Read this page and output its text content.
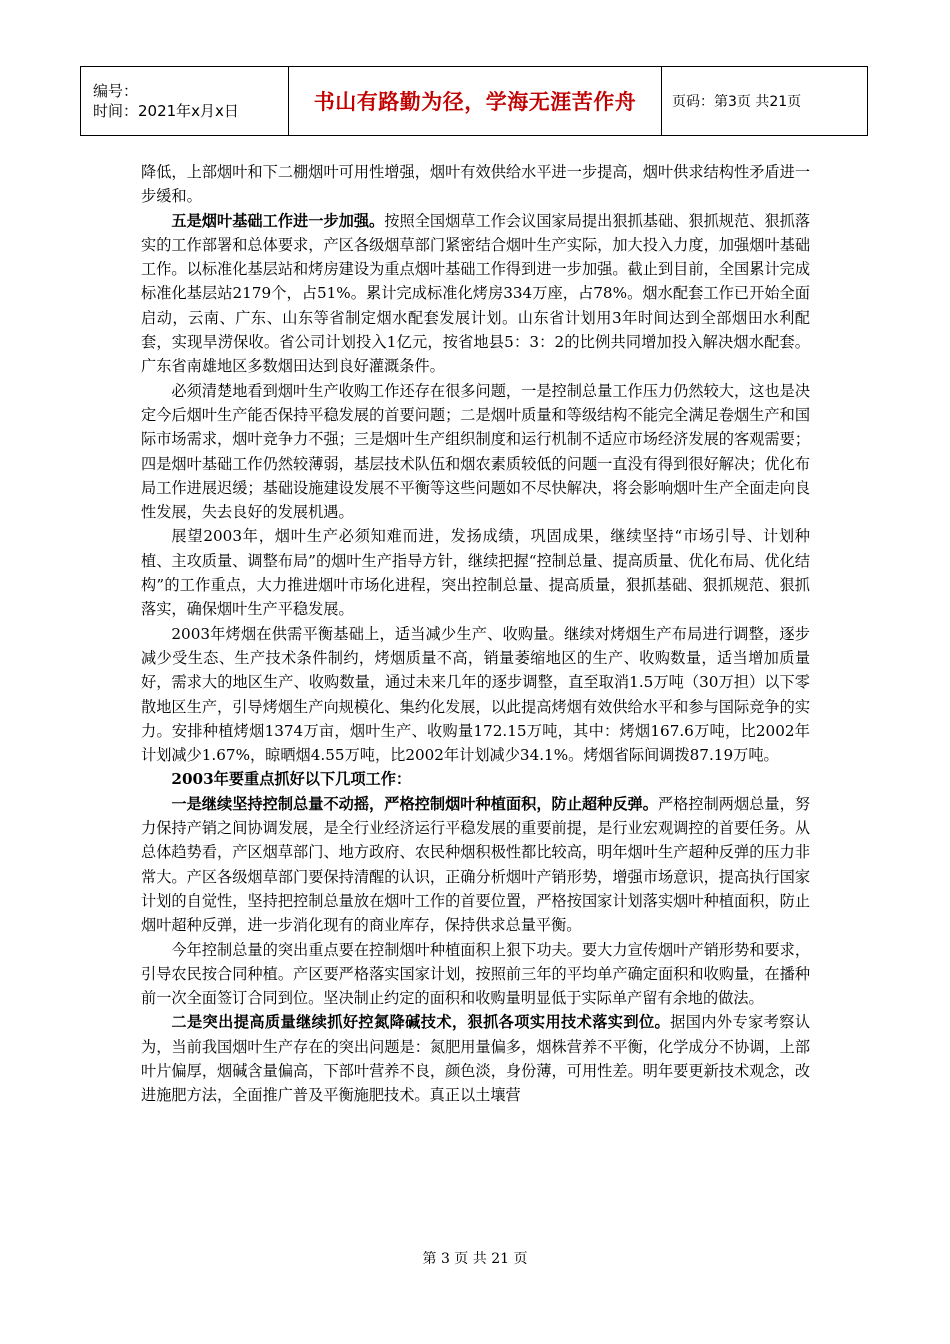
编号：
时间：2021年x月x日	书山有路勤为径，学海无涯苦作舟	页码：第3页 共21页

降低，上部烟叶和下二棚烟叶可用性增强，烟叶有效供给水平进一步提高，烟叶供求结构性矛盾进一步缓和。

五是烟叶基础工作进一步加强。按照全国烟草工作会议国家局提出狠抓基础、狠抓规范、狠抓落实的工作部署和总体要求，产区各级烟草部门紧密结合烟叶生产实际，加大投入力度，加强烟叶基础工作。以标准化基层站和烤房建设为重点烟叶基础工作得到进一步加强。截止到目前，全国累计完成标准化基层站2179个，占51%。累计完成标准化烤房334万座，占78%。烟水配套工作已开始全面启动，云南、广东、山东等省制定烟水配套发展计划。山东省计划用3年时间达到全部烟田水利配套，实现旱涝保收。省公司计划投入1亿元，按省地县5：3：2的比例共同增加投入解决烟水配套。广东省南雄地区多数烟田达到良好灌溉条件。

必须清楚地看到烟叶生产收购工作还存在很多问题，一是控制总量工作压力仍然较大，这也是决定今后烟叶生产能否保持平稳发展的首要问题；二是烟叶质量和等级结构不能完全满足卷烟生产和国际市场需求，烟叶竞争力不强；三是烟叶生产组织制度和运行机制不适应市场经济发展的客观需要；四是烟叶基础工作仍然较薄弱，基层技术队伍和烟农素质较低的问题一直没有得到很好解决；优化布局工作进展迟缓；基础设施建设发展不平衡等这些问题如不尽快解决，将会影响烟叶生产全面走向良性发展，失去良好的发展机遇。

展望2003年，烟叶生产必须知难而进，发扬成绩，巩固成果，继续坚持“市场引导、计划种植、主攻质量、调整布局”的烟叶生产指导方针，继续把握“控制总量、提高质量、优化布局、优化结构”的工作重点，大力推进烟叶市场化进程，突出控制总量、提高质量，狠抓基础、狠抓规范、狠抓落实，确保烟叶生产平稳发展。

2003年烤烟在供需平衡基础上，适当减少生产、收购量。继续对烤烟生产布局进行调整，逐步减少受生态、生产技术条件制约，烤烟质量不高，销量萎缩地区的生产、收购数量，适当增加质量好，需求大的地区生产、收购数量，通过未来几年的逐步调整，直至取消1.5万吨（30万担）以下零散地区生产，引导烤烟生产向规模化、集约化发展，以此提高烤烟有效供给水平和参与国际竞争的实力。安排种植烤烟1374万亩，烟叶生产、收购量172.15万吨，其中：烤烟167.6万吨，比2002年计划减少1.67%，晾晒烟4.55万吨，比2002年计划减少34.1%。烤烟省际间调拨87.19万吨。

2003年要重点抓好以下几项工作：

一是继续坚持控制总量不动摇，严格控制烟叶种植面积，防止超种反弹。严格控制两烟总量，努力保持产销之间协调发展，是全行业经济运行平稳发展的重要前提，是行业宏观调控的首要任务。从总体趋势看，产区烟草部门、地方政府、农民种烟积极性都比较高，明年烟叶生产超种反弹的压力非常大。产区各级烟草部门要保持清醒的认识，正确分析烟叶产销形势，增强市场意识，提高执行国家计划的自觉性，坚持把控制总量放在烟叶工作的首要位置，严格按国家计划落实烟叶种植面积，防止烟叶超种反弹，进一步消化现有的商业库存，保持供求总量平衡。

今年控制总量的突出重点要在控制烟叶种植面积上狠下功夫。要大力宣传烟叶产销形势和要求，引导农民按合同种植。产区要严格落实国家计划，按照前三年的平均单产确定面积和收购量，在播种前一次全面签订合同到位。坚决制止约定的面积和收购量明显低于实际单产留有余地的做法。

二是突出提高质量继续抓好控氮降碱技术，狠抓各项实用技术落实到位。据国内外专家考察认为，当前我国烟叶生产存在的突出问题是：氮肥用量偏多，烟株营养不平衡，化学成分不协调，上部叶片偏厚，烟碱含量偏高，下部叶营养不良，颜色淡，身份薄，可用性差。明年要更新技术观念，改进施肥方法，全面推广普及平衡施肥技术。真正以土壤营

第 3 页 共 21 页
